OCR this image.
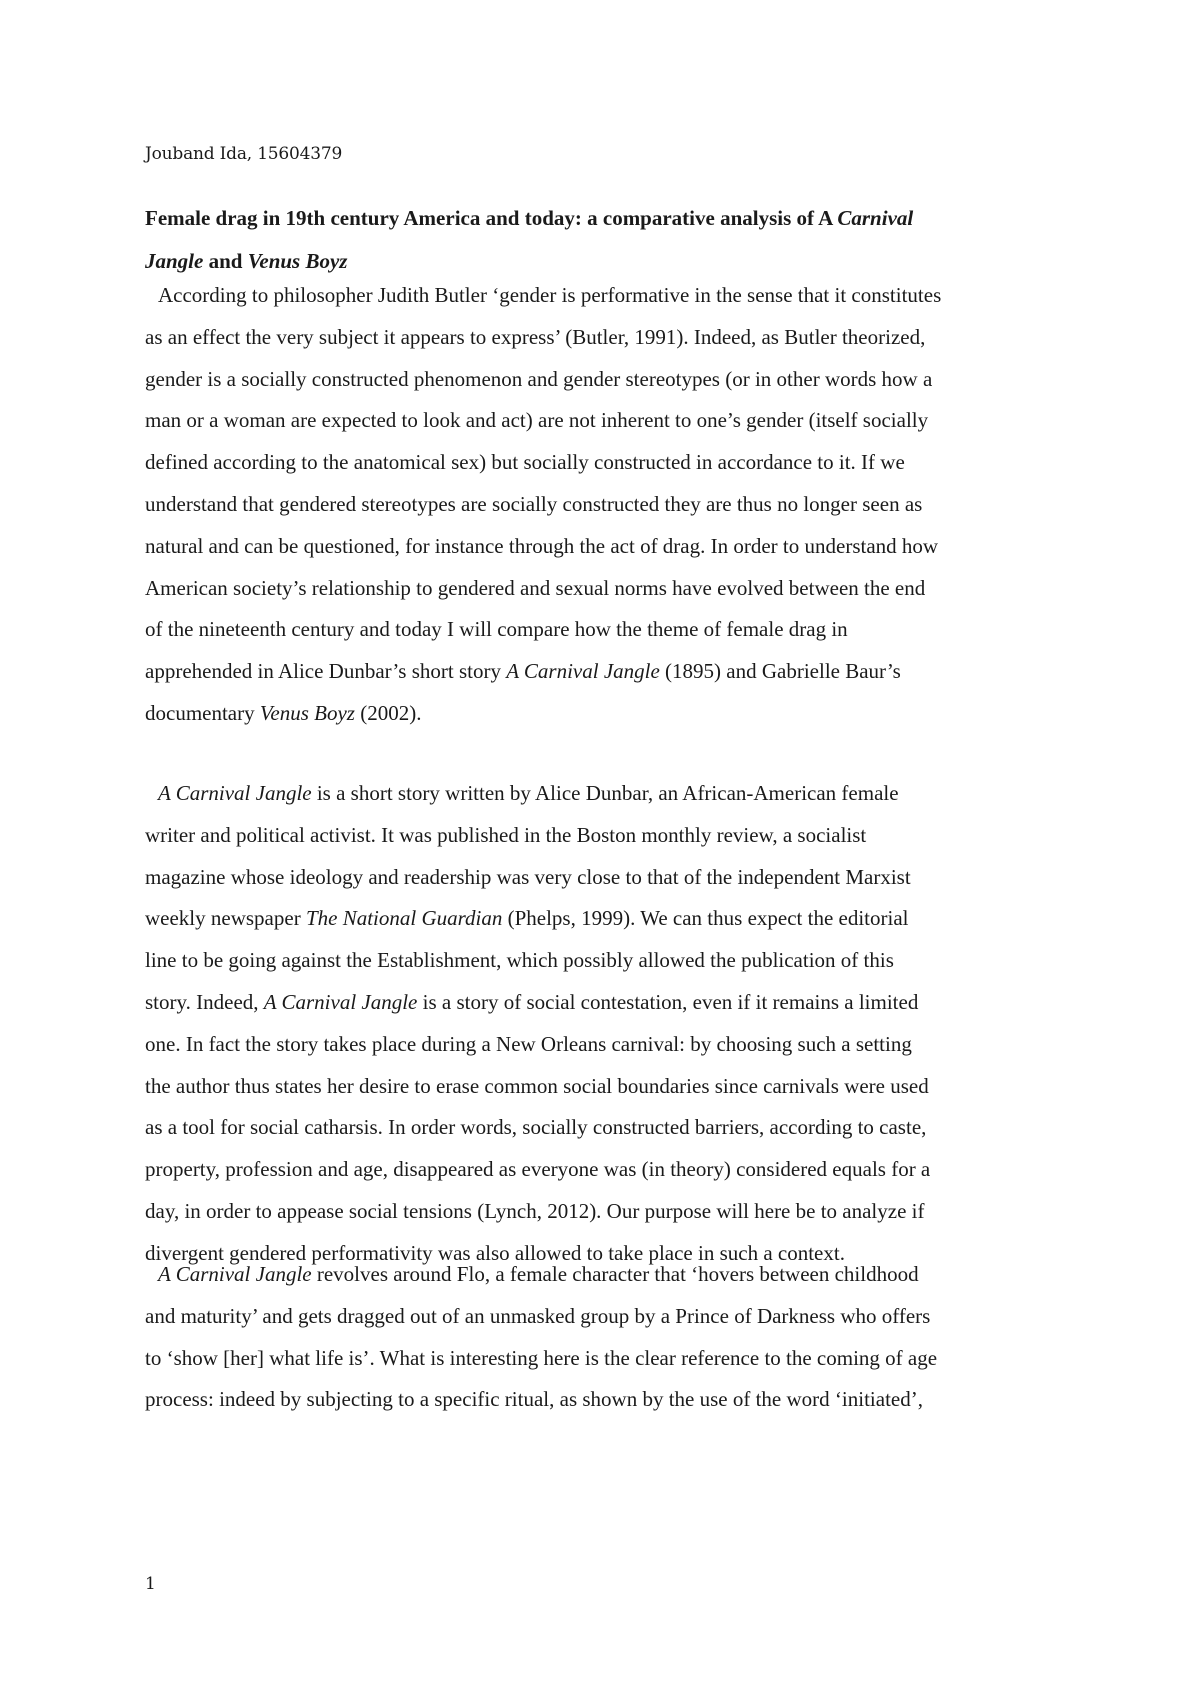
Jouband Ida, 15604379
Female drag in 19th century America and today: a comparative analysis of A Carnival
Jangle and Venus Boyz
According to philosopher Judith Butler ‘gender is performative in the sense that it constitutes
as an effect the very subject it appears to express’ (Butler, 1991). Indeed, as Butler theorized,
gender is a socially constructed phenomenon and gender stereotypes (or in other words how a
man or a woman are expected to look and act) are not inherent to one’s gender (itself socially
defined according to the anatomical sex) but socially constructed in accordance to it. If we
understand that gendered stereotypes are socially constructed they are thus no longer seen as
natural and can be questioned, for instance through the act of drag. In order to understand how
American society’s relationship to gendered and sexual norms have evolved between the end
of the nineteenth century and today I will compare how the theme of female drag in
apprehended in Alice Dunbar’s short story A Carnival Jangle (1895) and Gabrielle Baur’s
documentary Venus Boyz (2002).
A Carnival Jangle is a short story written by Alice Dunbar, an African-American female
writer and political activist. It was published in the Boston monthly review, a socialist
magazine whose ideology and readership was very close to that of the independent Marxist
weekly newspaper The National Guardian (Phelps, 1999). We can thus expect the editorial
line to be going against the Establishment, which possibly allowed the publication of this
story. Indeed, A Carnival Jangle is a story of social contestation, even if it remains a limited
one. In fact the story takes place during a New Orleans carnival: by choosing such a setting
the author thus states her desire to erase common social boundaries since carnivals were used
as a tool for social catharsis. In order words, socially constructed barriers, according to caste,
property, profession and age, disappeared as everyone was (in theory) considered equals for a
day, in order to appease social tensions (Lynch, 2012). Our purpose will here be to analyze if
divergent gendered performativity was also allowed to take place in such a context.
A Carnival Jangle revolves around Flo, a female character that ‘hovers between childhood
and maturity’ and gets dragged out of an unmasked group by a Prince of Darkness who offers
to ‘show [her] what life is’. What is interesting here is the clear reference to the coming of age
process: indeed by subjecting to a specific ritual, as shown by the use of the word ‘initiated’,
1
